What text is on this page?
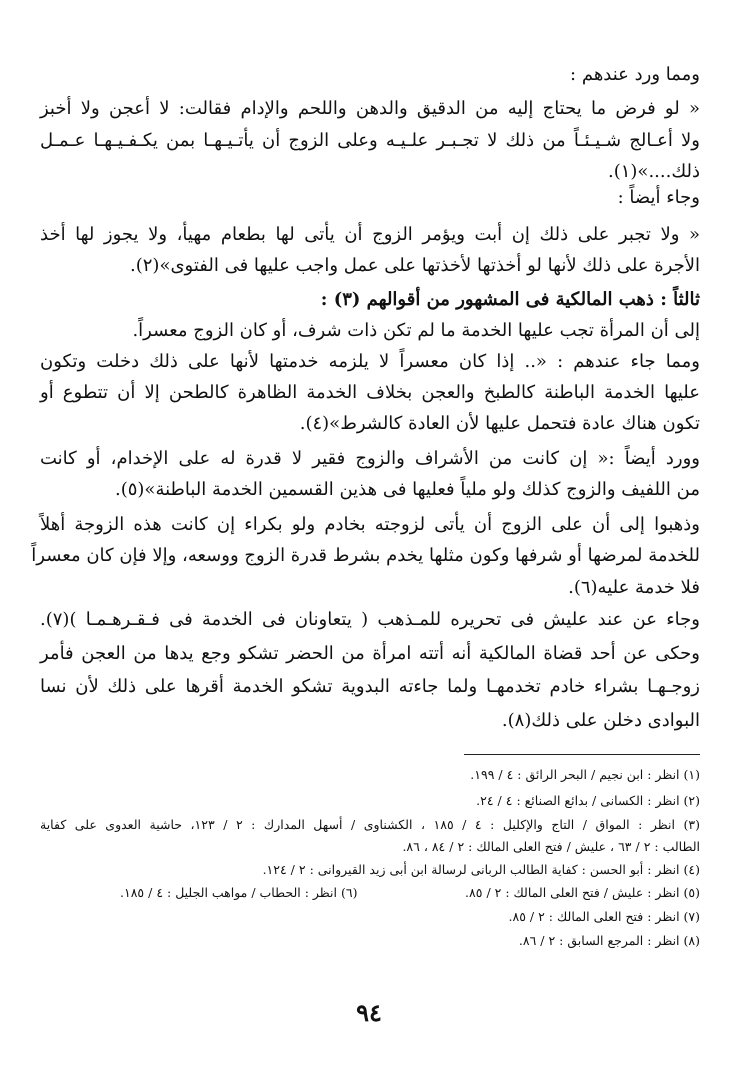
ومما ورد عندهم :
« لو فرض ما يحتاج إليه من الدقيق والدهن واللحم والإدام فقالت: لا أعجن ولا أخبز
ولا أعـالج شـيـئـاً من ذلك لا تجـبـر علـيـه وعلى الزوج أن يأتـيـهـا بمن يكـفـيـهـا عـمـل
ذلك....»(١).
وجاء أيضاً :
« ولا تجبر على ذلك إن أبت ويؤمر الزوج أن يأتى لها بطعام مهيأ، ولا يجوز لها أخذ
الأجرة على ذلك لأنها لو أخذتها لأخذتها على عمل واجب عليها فى الفتوى»(٢).
ثالثاً : ذهب المالكية فى المشهور من أقوالهم (٣) :
إلى أن المرأة تجب عليها الخدمة ما لم تكن ذات شرف، أو كان الزوج معسراً.
ومما جاء عندهم : «.. إذا كان معسراً لا يلزمه خدمتها لأنها على ذلك دخلت وتكون
عليها الخدمة الباطنة كالطبخ والعجن بخلاف الخدمة الظاهرة كالطحن إلا أن تتطوع أو
تكون هناك عادة فتحمل عليها لأن العادة كالشرط»(٤).
وورد أيضاً :« إن كانت من الأشراف والزوج فقير لا قدرة له على الإخدام، أو كانت
من اللفيف والزوج كذلك ولو ملياً فعليها فى هذين القسمين الخدمة الباطنة»(٥).
وذهبوا إلى أن على الزوج أن يأتى لزوجته بخادم ولو بكراء إن كانت هذه الزوجة أهلاً
للخدمة لمرضها أو شرفها وكون مثلها يخدم بشرط قدرة الزوج ووسعه، وإلا فإن كان معسراً
فلا خدمة عليه(٦).
وجاء عن عند عليش فى تحريره للمـذهب ( يتعاونان فى الخدمة فى فـقـرهـمـا )(٧).
وحكى عن أحد قضاة المالكية أنه أتته امرأة من الحضر تشكو وجع يدها من العجن فأمر
زوجـهـا بشراء خادم تخدمهـا ولما جاءته البدوية تشكو الخدمة أقرها على ذلك لأن نسا
البوادى دخلن على ذلك(٨).
(١) انظر : ابن نجيم / البحر الرائق : ٤ / ١٩٩.
(٢) انظر : الكسانى / بدائع الصنائع : ٤ / ٢٤.
(٣) انظر : المواق / التاج والإكليل : ٤ / ١٨٥ ، الكشناوى / أسهل المدارك : ٢ / ١٢٣، حاشية العدوى على كفاية
الطالب : ٢ / ٦٣ ، عليش / فتح العلى المالك : ٢ / ٨٤ ، ٨٦.
(٤) انظر : أبو الحسن : كفاية الطالب الربانى لرسالة ابن أبى زيد القيروانى : ٢ / ١٢٤.
(٥) انظر : عليش / فتح العلى المالك : ٢ / ٨٥.
(٦) انظر : الحطاب / مواهب الجليل : ٤ / ١٨٥.
(٧) انظر : فتح العلى المالك : ٢ / ٨٥.
(٨) انظر : المرجع السابق : ٢ / ٨٦.
٩٤
